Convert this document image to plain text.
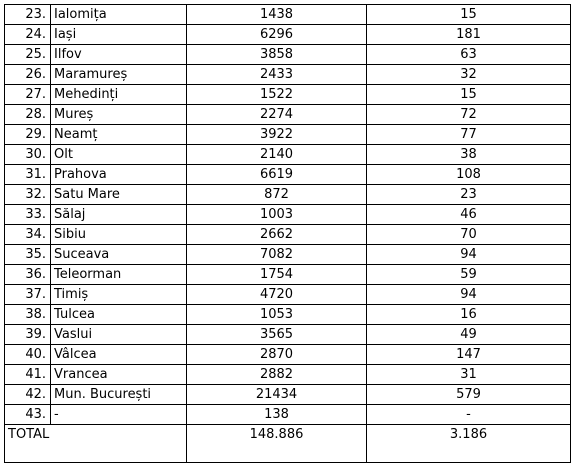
23.	Ialomița	1438	15
24.	Iași	6296	181
25.	Ilfov	3858	63
26.	Maramureș	2433	32
27.	Mehedinți	1522	15
28.	Mureș	2274	72
29.	Neamț	3922	77
30.	Olt	2140	38
31.	Prahova	6619	108
32.	Satu Mare	872	23
33.	Sălaj	1003	46
34.	Sibiu	2662	70
35.	Suceava	7082	94
36.	Teleorman	1754	59
37.	Timiș	4720	94
38.	Tulcea	1053	16
39.	Vaslui	3565	49
40.	Vâlcea	2870	147
41.	Vrancea	2882	31
42.	Mun. București	21434	579
43.	-	138	-
TOTAL		148.886	3.186
